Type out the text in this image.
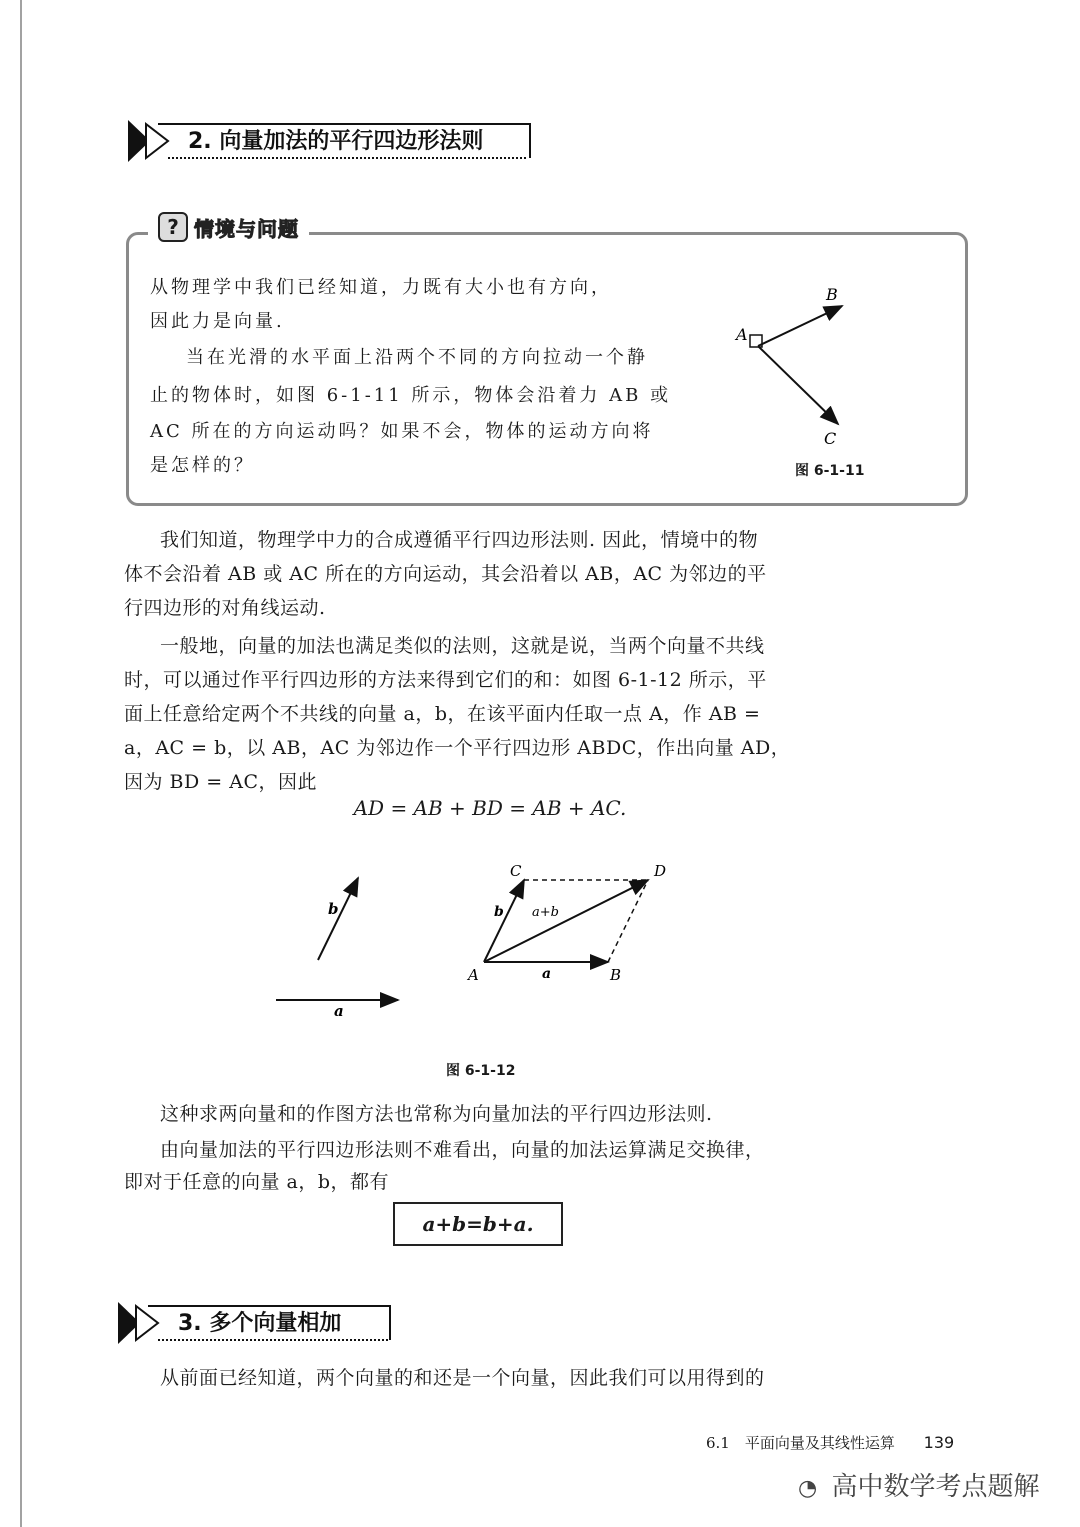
2. 向量加法的平行四边形法则
? 情境与问题
从物理学中我们已经知道，力既有大小也有方向，
因此力是向量.
当在光滑的水平面上沿两个不同的方向拉动一个静
止的物体时，如图 6-1-11 所示，物体会沿着力 AB 或
AC 所在的方向运动吗？如果不会，物体的运动方向将
是怎样的？
A
B
C
图 6-1-11
我们知道，物理学中力的合成遵循平行四边形法则. 因此，情境中的物
体不会沿着 AB 或 AC 所在的方向运动，其会沿着以 AB，AC 为邻边的平
行四边形的对角线运动.
一般地，向量的加法也满足类似的法则，这就是说，当两个向量不共线
时，可以通过作平行四边形的方法来得到它们的和：如图 6-1-12 所示，平
面上任意给定两个不共线的向量 a，b，在该平面内任取一点 A，作 AB =
a，AC = b，以 AB，AC 为邻边作一个平行四边形 ABDC，作出向量 AD，
因为 BD = AC，因此
AD = AB + BD = AB + AC.
b
a
A	B
C	D
b
a
a+b
图 6-1-12
这种求两向量和的作图方法也常称为向量加法的平行四边形法则.
由向量加法的平行四边形法则不难看出，向量的加法运算满足交换律，
即对于任意的向量 a，b，都有
a+b=b+a.
3. 多个向量相加
从前面已经知道，两个向量的和还是一个向量，因此我们可以用得到的
6.1　平面向量及其线性运算 139
◔ 高中数学考点题解
